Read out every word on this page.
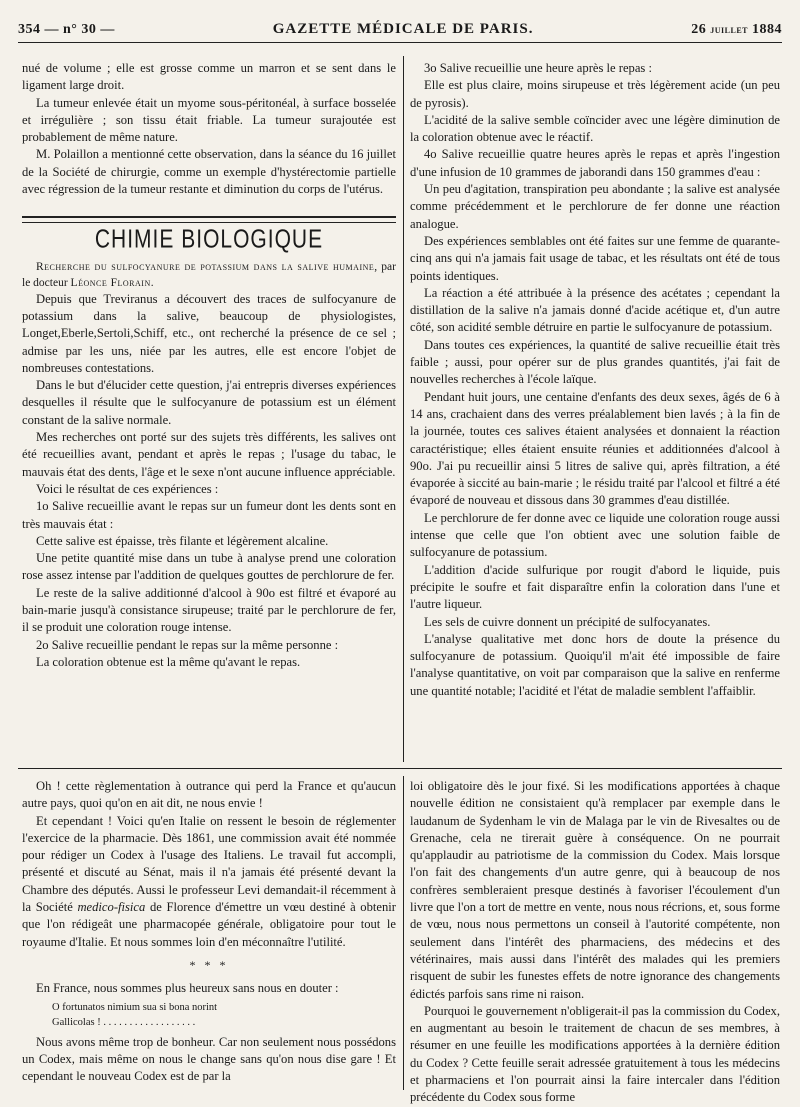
354 — n° 30 —	GAZETTE MÉDICALE DE PARIS.	26 juillet 1884

nué de volume ; elle est grosse comme un marron et se sent dans le ligament large droit.

La tumeur enlevée était un myome sous-péritonéal, à surface bosselée et irrégulière ; son tissu était friable. La tumeur surajoutée est probablement de même nature.

M. Polaillon a mentionné cette observation, dans la séance du 16 juillet de la Société de chirurgie, comme un exemple d'hystérectomie partielle avec régression de la tumeur restante et diminution du corps de l'utérus.

CHIMIE BIOLOGIQUE

Recherche du sulfocyanure de potassium dans la salive humaine, par le docteur Léonce Florain.

Depuis que Treviranus a découvert des traces de sulfocyanure de potassium dans la salive, beaucoup de physiologistes, Longet,Eberle,Sertoli,Schiff, etc., ont recherché la présence de ce sel ; admise par les uns, niée par les autres, elle est encore l'objet de nombreuses contestations.

Dans le but d'élucider cette question, j'ai entrepris diverses expériences desquelles il résulte que le sulfocyanure de potassium est un élément constant de la salive normale.

Mes recherches ont porté sur des sujets très différents, les salives ont été recueillies avant, pendant et après le repas ; l'usage du tabac, le mauvais état des dents, l'âge et le sexe n'ont aucune influence appréciable.

Voici le résultat de ces expériences :

1o Salive recueillie avant le repas sur un fumeur dont les dents sont en très mauvais état :

Cette salive est épaisse, très filante et légèrement alcaline.

Une petite quantité mise dans un tube à analyse prend une coloration rose assez intense par l'addition de quelques gouttes de perchlorure de fer.

Le reste de la salive additionné d'alcool à 90o est filtré et évaporé au bain-marie jusqu'à consistance sirupeuse; traité par le perchlorure de fer, il se produit une coloration rouge intense.

2o Salive recueillie pendant le repas sur la même personne :

La coloration obtenue est la même qu'avant le repas.

3o Salive recueillie une heure après le repas :

Elle est plus claire, moins sirupeuse et très légèrement acide (un peu de pyrosis).

L'acidité de la salive semble coïncider avec une légère diminution de la coloration obtenue avec le réactif.

4o Salive recueillie quatre heures après le repas et après l'ingestion d'une infusion de 10 grammes de jaborandi dans 150 grammes d'eau :

Un peu d'agitation, transpiration peu abondante ; la salive est analysée comme précédemment et le perchlorure de fer donne une réaction analogue.

Des expériences semblables ont été faites sur une femme de quarante-cinq ans qui n'a jamais fait usage de tabac, et les résultats ont été de tous points identiques.

La réaction a été attribuée à la présence des acétates ; cependant la distillation de la salive n'a jamais donné d'acide acétique et, d'un autre côté, son acidité semble détruire en partie le sulfocyanure de potassium.

Dans toutes ces expériences, la quantité de salive recueillie était très faible ; aussi, pour opérer sur de plus grandes quantités, j'ai fait de nouvelles recherches à l'école laïque.

Pendant huit jours, une centaine d'enfants des deux sexes, âgés de 6 à 14 ans, crachaient dans des verres préalablement bien lavés ; à la fin de la journée, toutes ces salives étaient analysées et donnaient la réaction caractéristique; elles étaient ensuite réunies et additionnées d'alcool à 90o. J'ai pu recueillir ainsi 5 litres de salive qui, après filtration, a été évaporée à siccité au bain-marie ; le résidu traité par l'alcool et filtré a été évaporé de nouveau et dissous dans 30 grammes d'eau distillée.

Le perchlorure de fer donne avec ce liquide une coloration rouge aussi intense que celle que l'on obtient avec une solution faible de sulfocyanure de potassium.

L'addition d'acide sulfurique por rougit d'abord le liquide, puis précipite le soufre et fait disparaître enfin la coloration dans l'une et l'autre liqueur.

Les sels de cuivre donnent un précipité de sulfocyanates.

L'analyse qualitative met donc hors de doute la présence du sulfocyanure de potassium. Quoiqu'il m'ait été impossible de faire l'analyse quantitative, on voit par comparaison que la salive en renferme une quantité notable; l'acidité et l'état de maladie semblent l'affaiblir.

Oh ! cette règlementation à outrance qui perd la France et qu'aucun autre pays, quoi qu'on en ait dit, ne nous envie !

Et cependant ! Voici qu'en Italie on ressent le besoin de réglementer l'exercice de la pharmacie. Dès 1861, une commission avait été nommée pour rédiger un Codex à l'usage des Italiens. Le travail fut accompli, présenté et discuté au Sénat, mais il n'a jamais été présenté devant la Chambre des députés. Aussi le professeur Levi demandait-il récemment à la Société medico-fisica de Florence d'émettre un vœu destiné à obtenir que l'on rédigeât une pharmacopée générale, obligatoire pour tout le royaume d'Italie. Et nous sommes loin d'en méconnaître l'utilité.

* * *

En France, nous sommes plus heureux sans nous en douter :

O fortunatos nimium sua si bona norint
Gallicolas ! . . . . . . . . . . . . . . . . . .

Nous avons même trop de bonheur. Car non seulement nous possédons un Codex, mais même on nous le change sans qu'on nous dise gare ! Et cependant le nouveau Codex est de par la

loi obligatoire dès le jour fixé. Si les modifications apportées à chaque nouvelle édition ne consistaient qu'à remplacer par exemple dans le laudanum de Sydenham le vin de Malaga par le vin de Rivesaltes ou de Grenache, cela ne tirerait guère à conséquence. On ne pourrait qu'applaudir au patriotisme de la commission du Codex. Mais lorsque l'on fait des changements d'un autre genre, qui à beaucoup de nos confrères sembleraient presque destinés à favoriser l'écoulement d'un livre que l'on a tort de mettre en vente, nous nous récrions, et, sous forme de vœu, nous nous permettons un conseil à l'autorité compétente, non seulement dans l'intérêt des pharmaciens, des médecins et des vétérinaires, mais aussi dans l'intérêt des malades qui les premiers risquent de subir les funestes effets de notre ignorance des changements édictés parfois sans rime ni raison.

Pourquoi le gouvernement n'obligerait-il pas la commission du Codex, en augmentant au besoin le traitement de chacun de ses membres, à résumer en une feuille les modifications apportées à la dernière édition du Codex ? Cette feuille serait adressée gratuitement à tous les médecins et pharmaciens et l'on pourrait ainsi la faire intercaler dans l'édition précédente du Codex sous forme
